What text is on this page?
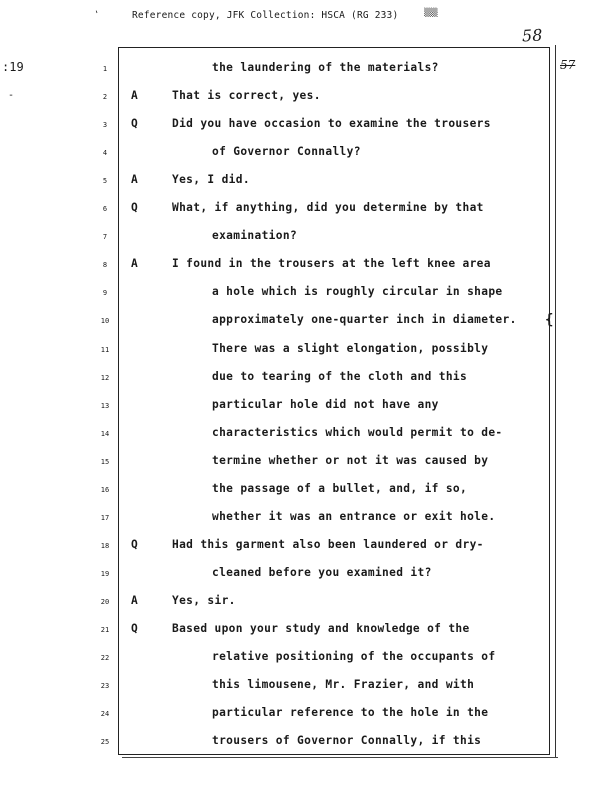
'	Reference copy, JFK Collection: HSCA (RG 233)	▒▒
58
57
:19
-
{
1	the laundering of the materials?
2	A	That is correct, yes.
3	Q	Did you have occasion to examine the trousers
4	of Governor Connally?
5	A	Yes, I did.
6	Q	What, if anything, did you determine by that
7	examination?
8	A	I found in the trousers at the left knee area
9	a hole which is roughly circular in shape
10	approximately one-quarter inch in diameter.
11	There was a slight elongation, possibly
12	due to tearing of the cloth and this
13	particular hole did not have any
14	characteristics which would permit to de-
15	termine whether or not it was caused by
16	the passage of a bullet, and, if so,
17	whether it was an entrance or exit hole.
18	Q	Had this garment also been laundered or dry-
19	cleaned before you examined it?
20	A	Yes, sir.
21	Q	Based upon your study and knowledge of the
22	relative positioning of the occupants of
23	this limousene, Mr. Frazier, and with
24	particular reference to the hole in the
25	trousers of Governor Connally, if this
